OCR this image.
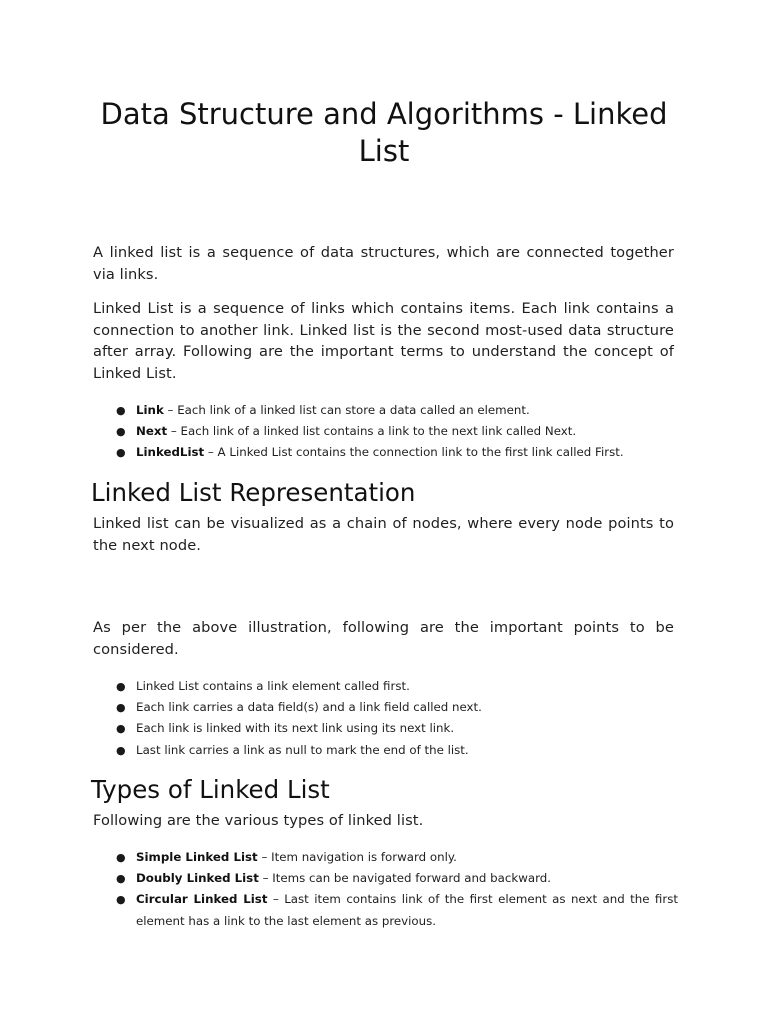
Data Structure and Algorithms - Linked List

A linked list is a sequence of data structures, which are connected together via links.

Linked List is a sequence of links which contains items. Each link contains a connection to another link. Linked list is the second most-used data structure after array. Following are the important terms to understand the concept of Linked List.

● Link – Each link of a linked list can store a data called an element.
● Next – Each link of a linked list contains a link to the next link called Next.
● LinkedList – A Linked List contains the connection link to the first link called First.
Linked List Representation

Linked list can be visualized as a chain of nodes, where every node points to the next node.

As per the above illustration, following are the important points to be considered.

● Linked List contains a link element called first.
● Each link carries a data field(s) and a link field called next.
● Each link is linked with its next link using its next link.
● Last link carries a link as null to mark the end of the list.
Types of Linked List

Following are the various types of linked list.

● Simple Linked List – Item navigation is forward only.
● Doubly Linked List – Items can be navigated forward and backward.
● Circular Linked List – Last item contains link of the first element as next and the first element has a link to the last element as previous.
